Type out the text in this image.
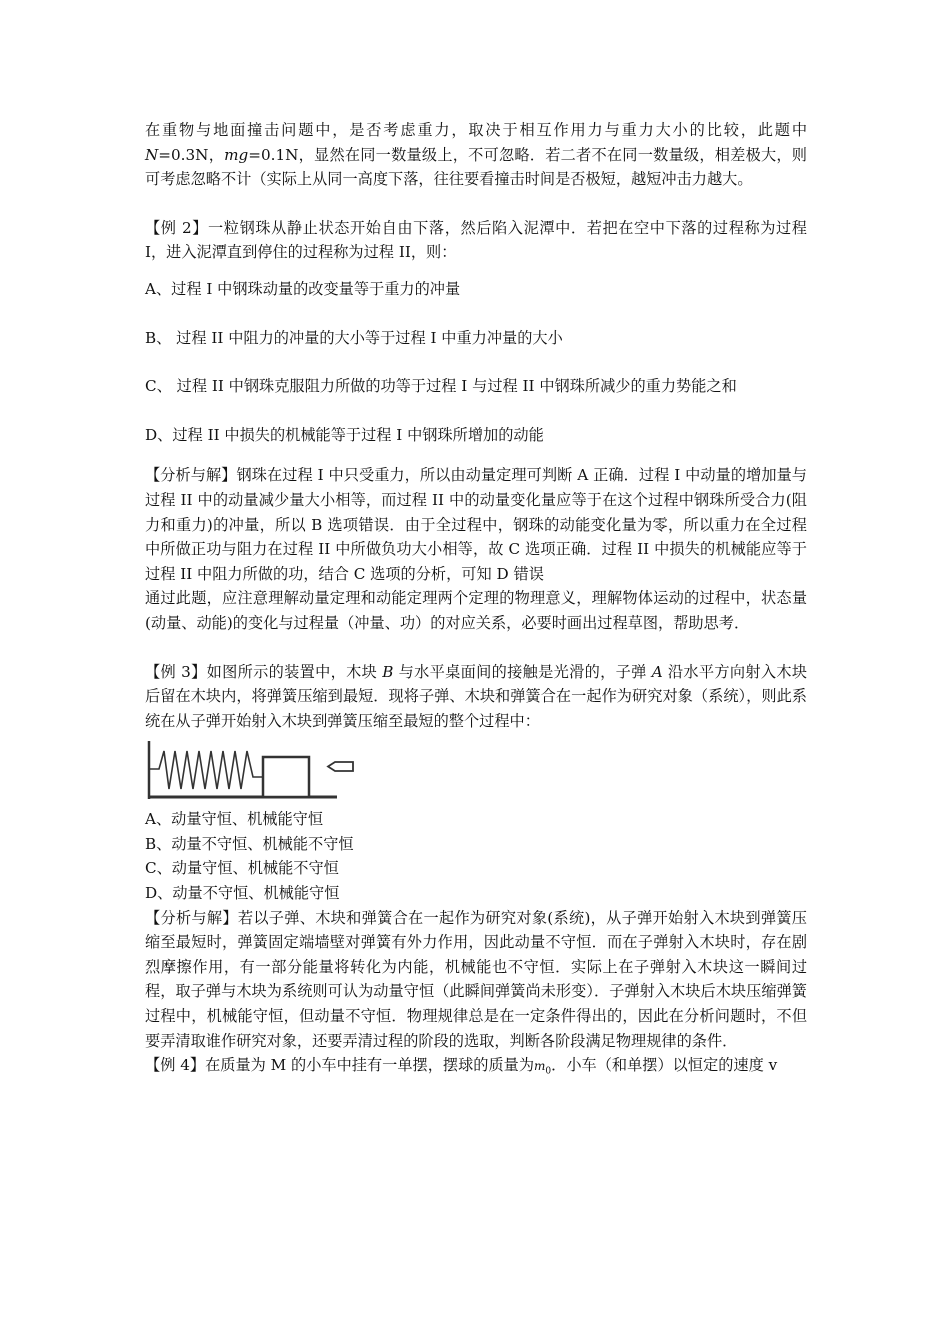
在重物与地面撞击问题中，是否考虑重力，取决于相互作用力与重力大小的比较，此题中 N=0.3N，mg=0.1N，显然在同一数量级上，不可忽略．若二者不在同一数量级，相差极大，则可考虑忽略不计（实际上从同一高度下落，往往要看撞击时间是否极短，越短冲击力越大。

【例 2】一粒钢珠从静止状态开始自由下落，然后陷入泥潭中．若把在空中下落的过程称为过程 I，进入泥潭直到停住的过程称为过程 II，则：

A、过程 I 中钢珠动量的改变量等于重力的冲量

B、 过程 II 中阻力的冲量的大小等于过程 I 中重力冲量的大小

C、 过程 II 中钢珠克服阻力所做的功等于过程 I 与过程 II 中钢珠所减少的重力势能之和

D、过程 II 中损失的机械能等于过程 I 中钢珠所增加的动能

【分析与解】钢珠在过程 I 中只受重力，所以由动量定理可判断 A 正确．过程 I 中动量的增加量与过程 II 中的动量减少量大小相等，而过程 II 中的动量变化量应等于在这个过程中钢珠所受合力(阻力和重力)的冲量，所以 B 选项错误．由于全过程中，钢珠的动能变化量为零，所以重力在全过程中所做正功与阻力在过程 II 中所做负功大小相等，故 C 选项正确．过程 II 中损失的机械能应等于过程 II 中阻力所做的功，结合 C 选项的分析，可知 D 错误

通过此题，应注意理解动量定理和动能定理两个定理的物理意义，理解物体运动的过程中，状态量(动量、动能)的变化与过程量（冲量、功）的对应关系，必要时画出过程草图，帮助思考．

【例 3】如图所示的装置中，木块 B 与水平桌面间的接触是光滑的，子弹 A 沿水平方向射入木块后留在木块内，将弹簧压缩到最短．现将子弹、木块和弹簧合在一起作为研究对象（系统），则此系统在从子弹开始射入木块到弹簧压缩至最短的整个过程中：

A、动量守恒、机械能守恒

B、动量不守恒、机械能不守恒

C、动量守恒、机械能不守恒

D、动量不守恒、机械能守恒

【分析与解】若以子弹、木块和弹簧合在一起作为研究对象(系统)，从子弹开始射入木块到弹簧压缩至最短时，弹簧固定端墙壁对弹簧有外力作用，因此动量不守恒．而在子弹射入木块时，存在剧烈摩擦作用，有一部分能量将转化为内能，机械能也不守恒．实际上在子弹射入木块这一瞬间过程，取子弹与木块为系统则可认为动量守恒（此瞬间弹簧尚未形变）．子弹射入木块后木块压缩弹簧过程中，机械能守恒，但动量不守恒．物理规律总是在一定条件得出的，因此在分析问题时，不但要弄清取谁作研究对象，还要弄清过程的阶段的选取，判断各阶段满足物理规律的条件．

【例 4】在质量为 M 的小车中挂有一单摆，摆球的质量为$m_0$．小车（和单摆）以恒定的速度 v
